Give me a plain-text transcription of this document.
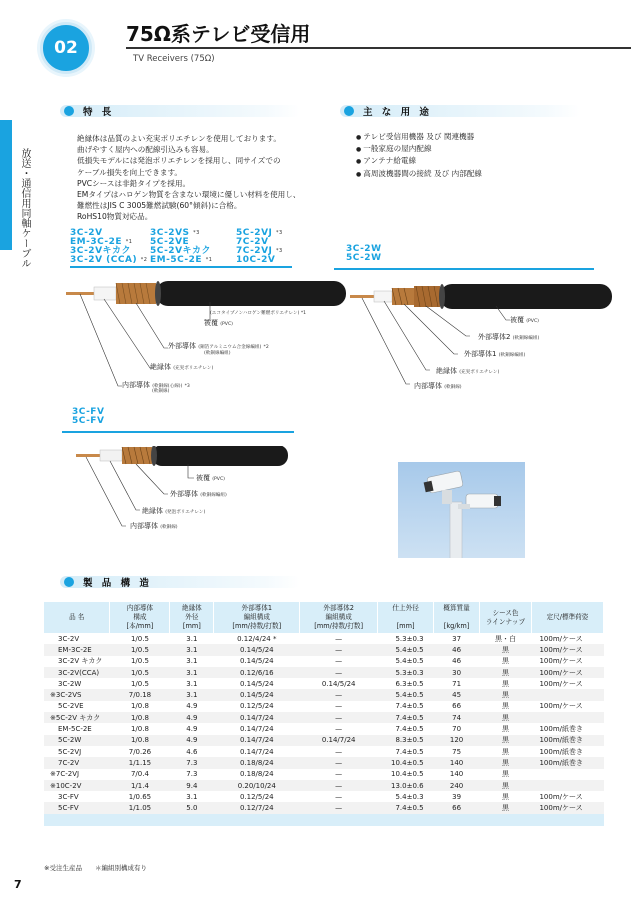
02
75Ω系テレビ受信用
TV Receivers (75Ω)
放送・通信用同軸ケーブル
特 長
絶縁体は品質のよい充実ポリエチレンを使用しております。
曲げやすく屋内への配線引込みも容易。
低損失モデルには発泡ポリエチレンを採用し、同サイズでの
ケーブル損失を向上できます。
PVCシースは非鉛タイプを採用。
EMタイプはハロゲン物質を含まない環境に優しい材料を使用し、
難燃性はJIS C 3005難燃試験(60°傾斜)に合格。
RoHS10物質対応品。
主 な 用 途
● テレビ受信用機器 及び 関連機器
● 一般家庭の屋内配線
● アンテナ給電線
● 高周波機器間の接続 及び 内部配線
3C-2V
EM-3C-2E $^{*1}$
3C-2Vキカク
3C-2V (CCA) $^{*2}$
3C-2VS $^{*3}$
5C-2VE
5C-2Vキカク
EM-5C-2E $^{*1}$
5C-2VJ $^{*3}$
7C-2V
7C-2VJ $^{*3}$
10C-2V
(エコタイプノンハロゲン難燃ポリエチレン) *1
被覆 (PVC)
外部導体 (銅箔アルミニウム合金線編組) *2
(軟銅線編組)
絶縁体 (充実ポリエチレン)
内部導体 (軟銅線(心線)) *3
(軟銅線)
3C-2W
5C-2W
被覆 (PVC)
外部導体2 (軟銅線編組)
外部導体1 (軟銅線編組)
絶縁体 (充実ポリエチレン)
内部導体 (軟銅線)
3C-FV
5C-FV
被覆 (PVC)
外部導体 (軟銅線編組)
絶縁体 (発泡ポリエチレン)
内部導体 (軟銅線)
製 品 構 造
品 名	内部導体
構成
[本/mm]	絶縁体
外径
[mm]	外部導体1
編組構成
[mm/持数/打数]	外部導体2
編組構成
[mm/持数/打数]	仕上外径

[mm]	概算質量

[kg/km]	シース色
ラインナップ	定尺/標準荷姿
3C-2V	1/0.5	3.1	0.12/4/24 *	—	5.3±0.3	37	黒・白	100m/ケース
EM-3C-2E	1/0.5	3.1	0.14/5/24	—	5.4±0.5	46	黒	100m/ケース
3C-2V キカク	1/0.5	3.1	0.14/5/24	—	5.4±0.5	46	黒	100m/ケース
3C-2V(CCA)	1/0.5	3.1	0.12/6/16	—	5.3±0.3	30	黒	100m/ケース
3C-2W	1/0.5	3.1	0.14/5/24	0.14/5/24	6.3±0.5	71	黒	100m/ケース
※3C-2VS	7/0.18	3.1	0.14/5/24	—	5.4±0.5	45	黒	
5C-2VE	1/0.8	4.9	0.12/5/24	—	7.4±0.5	66	黒	100m/ケース
※5C-2V キカク	1/0.8	4.9	0.14/7/24	—	7.4±0.5	74	黒	
EM-5C-2E	1/0.8	4.9	0.14/7/24	—	7.4±0.5	70	黒	100m/紙巻き
5C-2W	1/0.8	4.9	0.14/7/24	0.14/7/24	8.3±0.5	120	黒	100m/紙巻き
5C-2VJ	7/0.26	4.6	0.14/7/24	—	7.4±0.5	75	黒	100m/紙巻き
7C-2V	1/1.15	7.3	0.18/8/24	—	10.4±0.5	140	黒	100m/紙巻き
※7C-2VJ	7/0.4	7.3	0.18/8/24	—	10.4±0.5	140	黒	
※10C-2V	1/1.4	9.4	0.20/10/24	—	13.0±0.6	240	黒	
3C-FV	1/0.65	3.1	0.12/5/24	—	5.4±0.3	39	黒	100m/ケース
5C-FV	1/1.05	5.0	0.12/7/24	—	7.4±0.5	66	黒	100m/ケース

※受注生産品　　＊編組別構成有り
7
